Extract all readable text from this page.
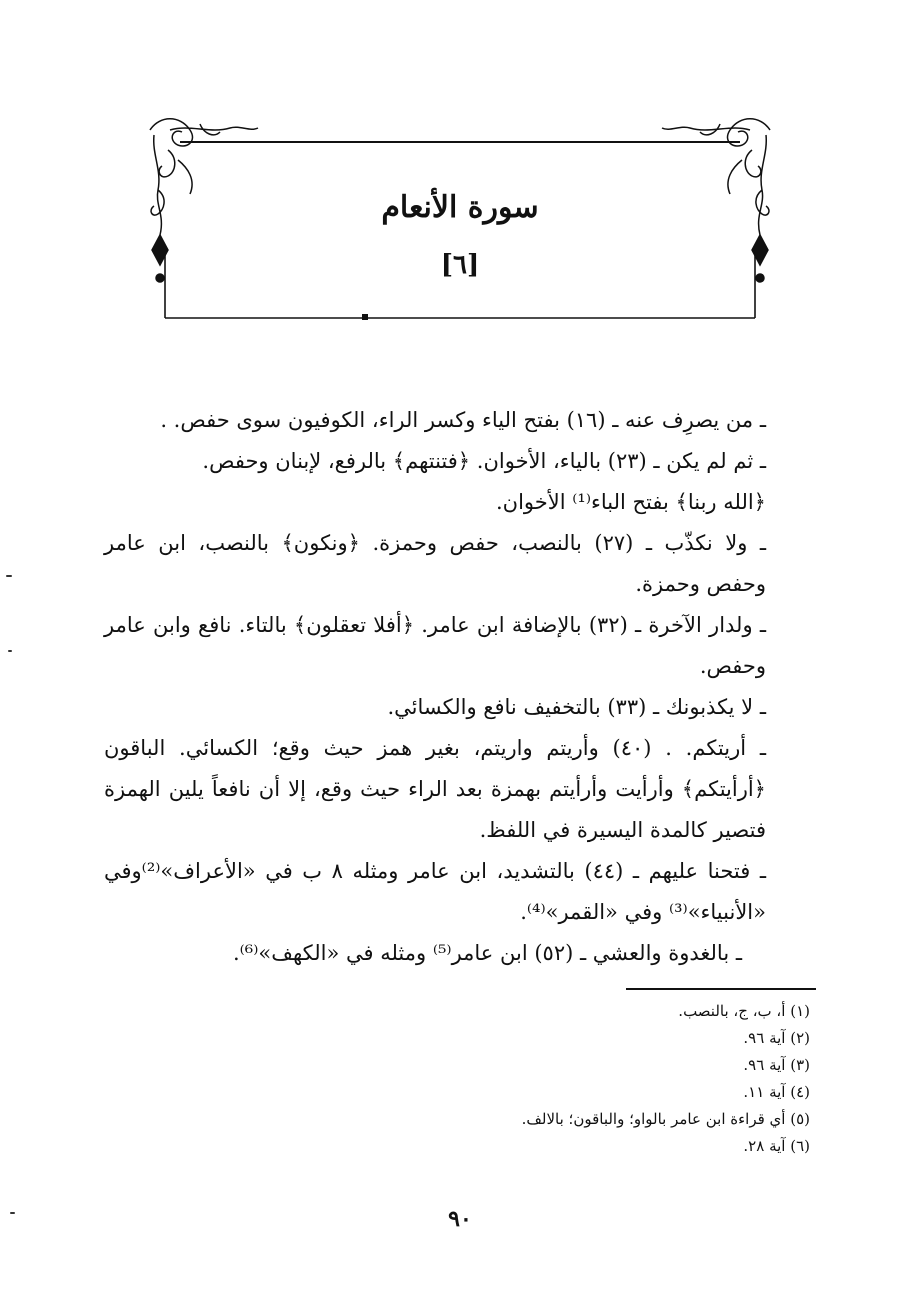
سورة الأنعام
[٦]

ـ من يصرِف عنه ـ (١٦) بفتح الياء وكسر الراء، الكوفيون سوى حفص. .

ـ ثم لم يكن ـ (٢٣) بالياء، الأخوان. ﴿فتنتهم﴾ بالرفع، لإبنان وحفص.

﴿الله ربنا﴾ بفتح الباء⁽¹⁾ الأخوان.

ـ ولا نكذّب ـ (٢٧) بالنصب، حفص وحمزة. ﴿ونكون﴾ بالنصب، ابن عامر وحفص وحمزة.

ـ ولدار الآخرة ـ (٣٢) بالإضافة ابن عامر. ﴿أفلا تعقلون﴾ بالتاء. نافع وابن عامر وحفص.

ـ لا يكذبونك ـ (٣٣) بالتخفيف نافع والكسائي.

ـ أريتكم. . (٤٠) وأريتم واريتم، بغير همز حيث وقع؛ الكسائي. الباقون ﴿أرأيتكم﴾ وأرأيت وأرأيتم بهمزة بعد الراء حيث وقع، إلا أن نافعاً يلين الهمزة فتصير كالمدة اليسيرة في اللفظ.

ـ فتحنا عليهم ـ (٤٤) بالتشديد، ابن عامر ومثله ٨ ب في «الأعراف»⁽²⁾وفي «الأنبياء»⁽³⁾ وفي «القمر»⁽⁴⁾.

ـ بالغدوة والعشي ـ (٥٢) ابن عامر⁽⁵⁾ ومثله في «الكهف»⁽⁶⁾.

(١) أ، ب، ج، بالنصب.
(٢) آية ٩٦.
(٣) آية ٩٦.
(٤) آية ١١.
(٥) أي قراءة ابن عامر بالواو؛ والباقون؛ بالالف.
(٦) آية ٢٨.
٩٠
